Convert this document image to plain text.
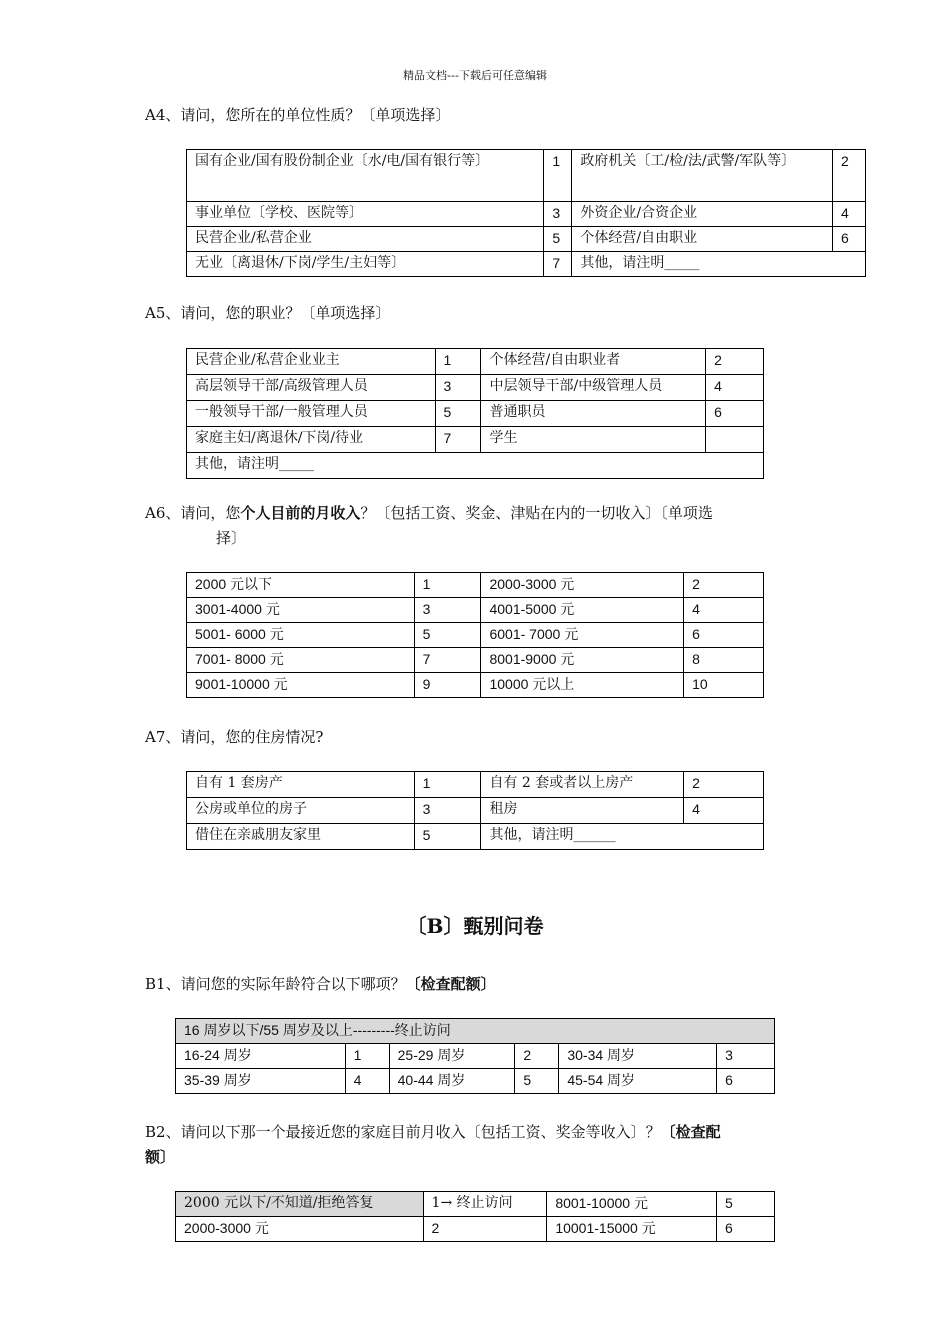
精品文档---下载后可任意编辑
A4、请问，您所在的单位性质？〔单项选择〕
国有企业/国有股份制企业〔水/电/国有银行等〕	1	政府机关〔工/检/法/武警/军队等〕	2
事业单位〔学校、医院等〕	3	外资企业/合资企业	4
民营企业/私营企业	5	个体经营/自由职业	6
无业〔离退休/下岗/学生/主妇等〕	7	其他，请注明_____	
A5、请问，您的职业？〔单项选择〕
民营企业/私营企业业主	1	个体经营/自由职业者	2
高层领导干部/高级管理人员	3	中层领导干部/中级管理人员	4
一般领导干部/一般管理人员	5	普通职员	6
家庭主妇/离退休/下岗/待业	7	学生	
其他，请注明_____			
A6、请问，您个人目前的月收入？〔包括工资、奖金、津贴在内的一切收入〕〔单项选
择〕
2000 元以下	1	2000-3000 元	2
3001-4000 元	3	4001-5000 元	4
5001- 6000 元	5	6001- 7000 元	6
7001- 8000 元	7	8001-9000 元	8
9001-10000 元	9	10000 元以上	10
A7、请问，您的住房情况?
自有 1 套房产	1	自有 2 套或者以上房产	2
公房或单位的房子	3	租房	4
借住在亲戚朋友家里	5	其他，请注明______	
〔B〕甄别问卷
B1、请问您的实际年龄符合以下哪项？〔检查配额〕
16 周岁以下/55 周岁及以上---------终止访问					
16-24 周岁	1	25-29 周岁	2	30-34 周岁	3
35-39 周岁	4	40-44 周岁	5	45-54 周岁	6
B2、请问以下那一个最接近您的家庭目前月收入〔包括工资、奖金等收入〕？〔检查配
额〕
2000 元以下/不知道/拒绝答复	1→ 终止访问	8001-10000 元	5
2000-3000 元	2	10001-15000 元	6
